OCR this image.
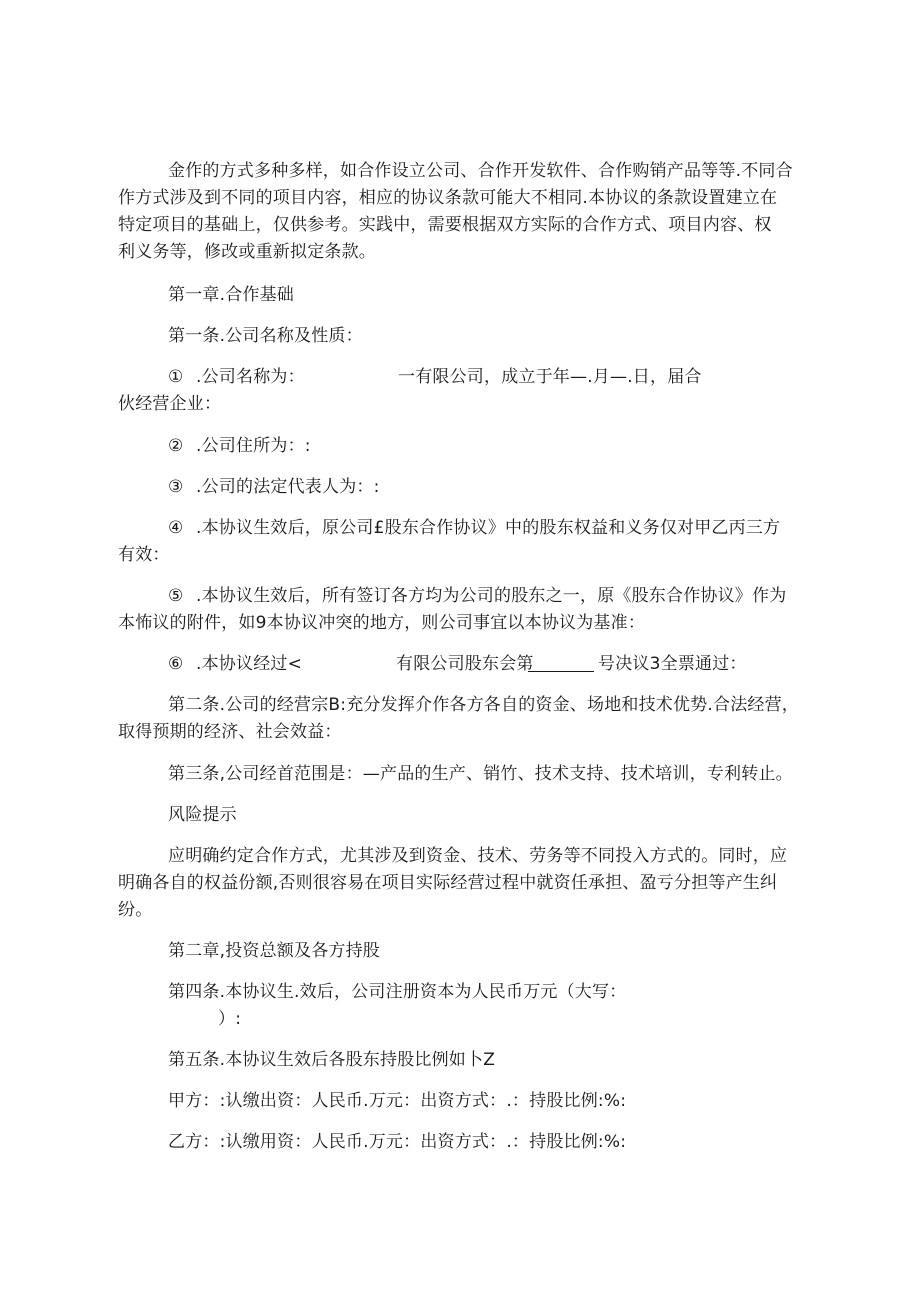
金作的方式多种多样，如合作设立公司、合作开发软件、合作购销产品等等.不同合
作方式涉及到不同的项目内容，相应的协议条款可能大不相同.本协议的条款设置建立在
特定项目的基础上，仅供参考。实践中，需要根据双方实际的合作方式、项目内容、权
利义务等，修改或重新拟定条款。
第一章.合作基础
第一条.公司名称及性质：
① .公司名称为：	一有限公司，成立于年—.月—.日，届合
伙经营企业：
② .公司住所为：:
③ .公司的法定代表人为：:
④ .本协议生效后，原公司£股东合作协议》中的股东权益和义务仅对甲乙丙三方
有效：
⑤ .本协议生效后，所有签订各方均为公司的股东之一，原《股东合作协议》作为
本怖议的附件，如9本协议冲突的地方，则公司事宜以本协议为基准：
⑥ .本协议经过<	有限公司股东会第	号决议3全票通过：
第二条.公司的经营宗B:充分发挥介作各方各自的资金、场地和技术优势.合法经营，
取得预期的经济、社会效益：
第三条,公司经首范围是：—产品的生产、销竹、技术支持、技术培训，专利转止。
风险提示
应明确约定合作方式，尤其涉及到资金、技术、劳务等不同投入方式的。同时，应
明确各自的权益份额,否则很容易在项目实际经营过程中就资任承担、盈亏分担等产生纠
纷。
第二章,投资总额及各方持股
第四条.本协议生.效后，公司注册资本为人民币万元（大写：
）:
第五条.本协议生效后各股东持股比例如卜Z
甲方：:认缴出资：人民币.万元：出资方式：.：持股比例:%:
乙方：:认缴用资：人民币.万元：出资方式：.：持股比例:%:
